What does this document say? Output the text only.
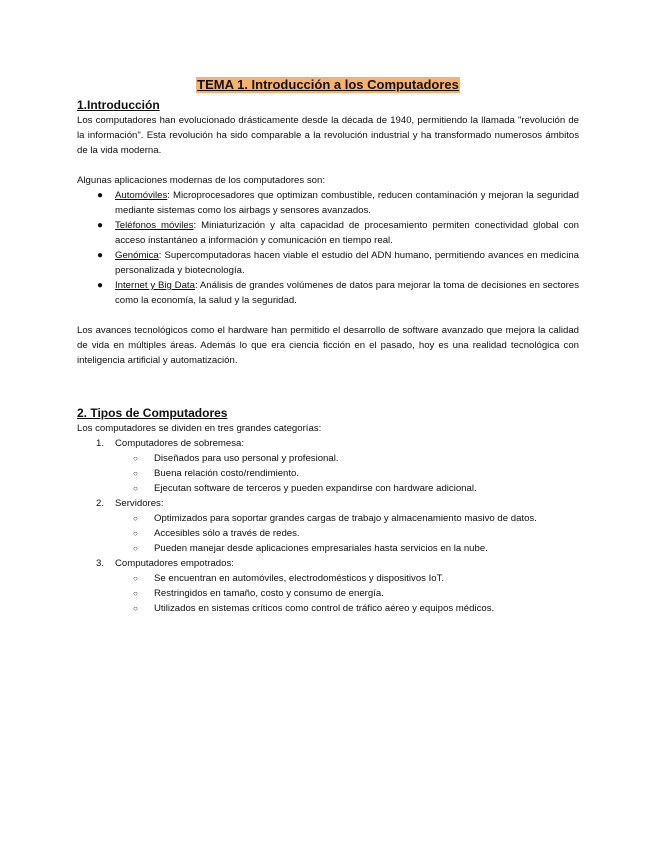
TEMA 1. Introducción a los Computadores
1.Introducción

Los computadores han evolucionado drásticamente desde la década de 1940, permitiendo la llamada "revolución de la información". Esta revolución ha sido comparable a la revolución industrial y ha transformado numerosos ámbitos de la vida moderna.

Algunas aplicaciones modernas de los computadores son:

● Automóviles: Microprocesadores que optimizan combustible, reducen contaminación y mejoran la seguridad mediante sistemas como los airbags y sensores avanzados.
● Teléfonos móviles: Miniaturización y alta capacidad de procesamiento permiten conectividad global con acceso instantáneo a información y comunicación en tiempo real.
● Genómica: Supercomputadoras hacen viable el estudio del ADN humano, permitiendo avances en medicina personalizada y biotecnología.
● Internet y Big Data: Análisis de grandes volúmenes de datos para mejorar la toma de decisiones en sectores como la economía, la salud y la seguridad.

Los avances tecnológicos como el hardware han permitido el desarrollo de software avanzado que mejora la calidad de vida en múltiples áreas. Además lo que era ciencia ficción en el pasado, hoy es una realidad tecnológica con inteligencia artificial y automatización.

2. Tipos de Computadores

Los computadores se dividen en tres grandes categorías:

1. Computadores de sobremesa:
○ Diseñados para uso personal y profesional.
○ Buena relación costo/rendimiento.
○ Ejecutan software de terceros y pueden expandirse con hardware adicional.
2. Servidores:
○ Optimizados para soportar grandes cargas de trabajo y almacenamiento masivo de datos.
○ Accesibles sólo a través de redes.
○ Pueden manejar desde aplicaciones empresariales hasta servicios en la nube.
3. Computadores empotrados:
○ Se encuentran en automóviles, electrodomésticos y dispositivos IoT.
○ Restringidos en tamaño, costo y consumo de energía.
○ Utilizados en sistemas críticos como control de tráfico aéreo y equipos médicos.
